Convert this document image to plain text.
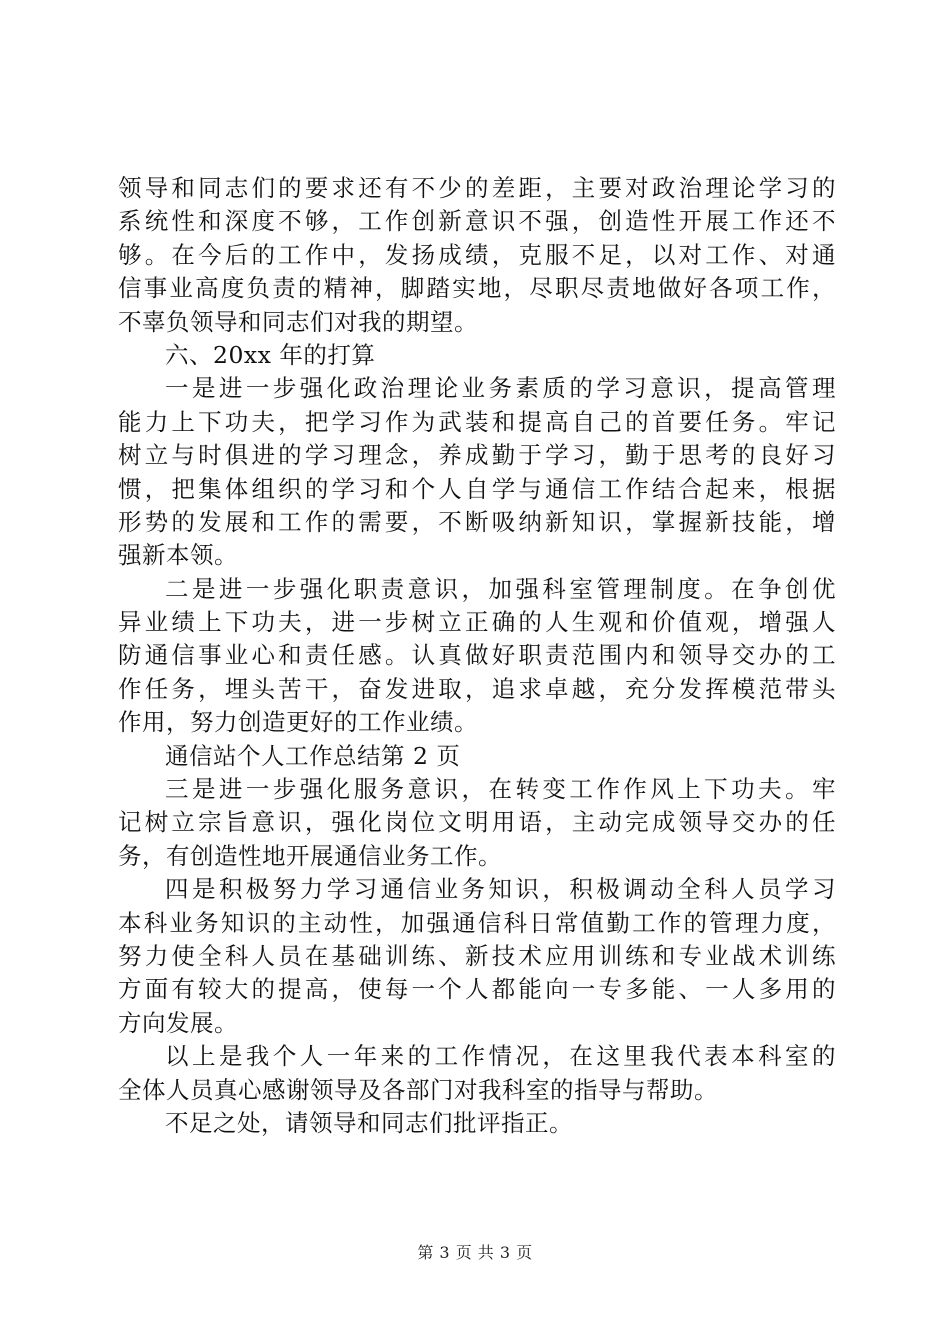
领导和同志们的要求还有不少的差距，主要对政治理论学习的
系统性和深度不够，工作创新意识不强，创造性开展工作还不
够。在今后的工作中，发扬成绩，克服不足，以对工作、对通
信事业高度负责的精神，脚踏实地，尽职尽责地做好各项工作，
不辜负领导和同志们对我的期望。
六、20xx 年的打算
一是进一步强化政治理论业务素质的学习意识，提高管理
能力上下功夫，把学习作为武装和提高自己的首要任务。牢记
树立与时俱进的学习理念，养成勤于学习，勤于思考的良好习
惯，把集体组织的学习和个人自学与通信工作结合起来，根据
形势的发展和工作的需要，不断吸纳新知识，掌握新技能，增
强新本领。
二是进一步强化职责意识，加强科室管理制度。在争创优
异业绩上下功夫，进一步树立正确的人生观和价值观，增强人
防通信事业心和责任感。认真做好职责范围内和领导交办的工
作任务，埋头苦干，奋发进取，追求卓越，充分发挥模范带头
作用，努力创造更好的工作业绩。
通信站个人工作总结第 2 页
三是进一步强化服务意识，在转变工作作风上下功夫。牢
记树立宗旨意识，强化岗位文明用语，主动完成领导交办的任
务，有创造性地开展通信业务工作。
四是积极努力学习通信业务知识，积极调动全科人员学习
本科业务知识的主动性，加强通信科日常值勤工作的管理力度，
努力使全科人员在基础训练、新技术应用训练和专业战术训练
方面有较大的提高，使每一个人都能向一专多能、一人多用的
方向发展。
以上是我个人一年来的工作情况，在这里我代表本科室的
全体人员真心感谢领导及各部门对我科室的指导与帮助。
不足之处，请领导和同志们批评指正。
第 3 页 共 3 页
